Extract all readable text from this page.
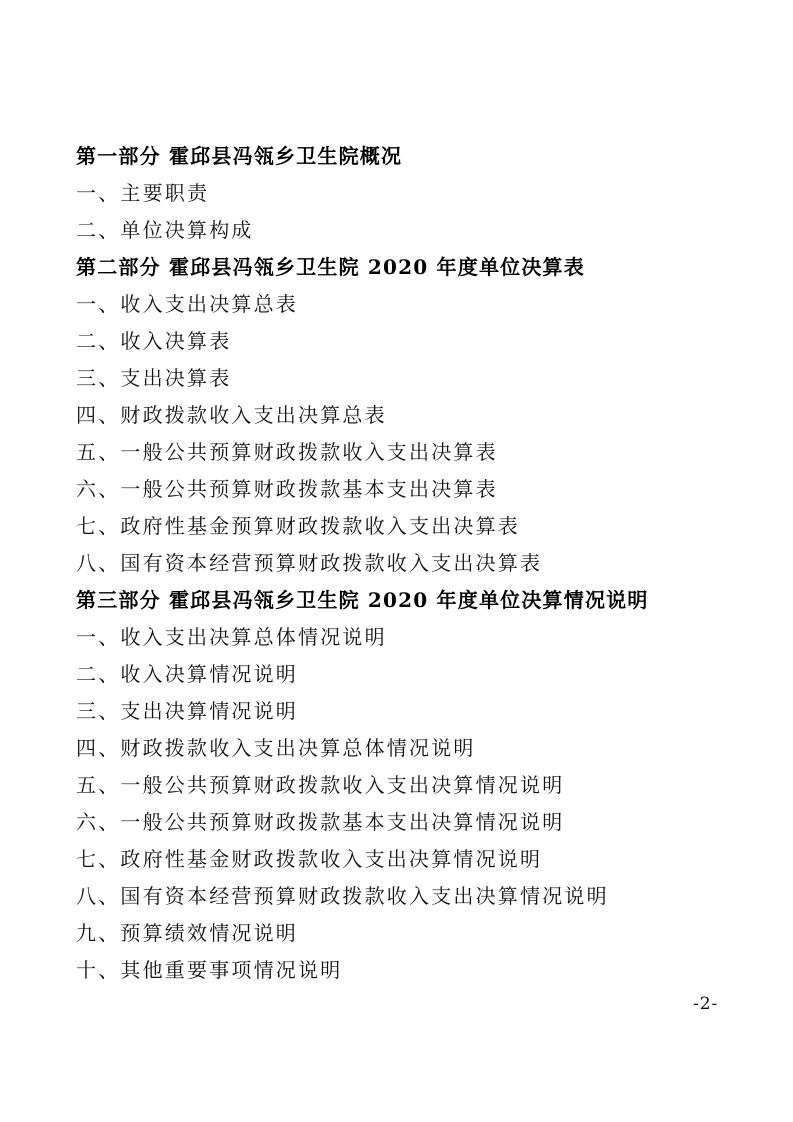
第一部分 霍邱县冯瓴乡卫生院概况
一、主要职责
二、单位决算构成
第二部分 霍邱县冯瓴乡卫生院 2020 年度单位决算表
一、收入支出决算总表
二、收入决算表
三、支出决算表
四、财政拨款收入支出决算总表
五、一般公共预算财政拨款收入支出决算表
六、一般公共预算财政拨款基本支出决算表
七、政府性基金预算财政拨款收入支出决算表
八、国有资本经营预算财政拨款收入支出决算表
第三部分 霍邱县冯瓴乡卫生院 2020 年度单位决算情况说明
一、收入支出决算总体情况说明
二、收入决算情况说明
三、支出决算情况说明
四、财政拨款收入支出决算总体情况说明
五、一般公共预算财政拨款收入支出决算情况说明
六、一般公共预算财政拨款基本支出决算情况说明
七、政府性基金财政拨款收入支出决算情况说明
八、国有资本经营预算财政拨款收入支出决算情况说明
九、预算绩效情况说明
十、其他重要事项情况说明
-2-
